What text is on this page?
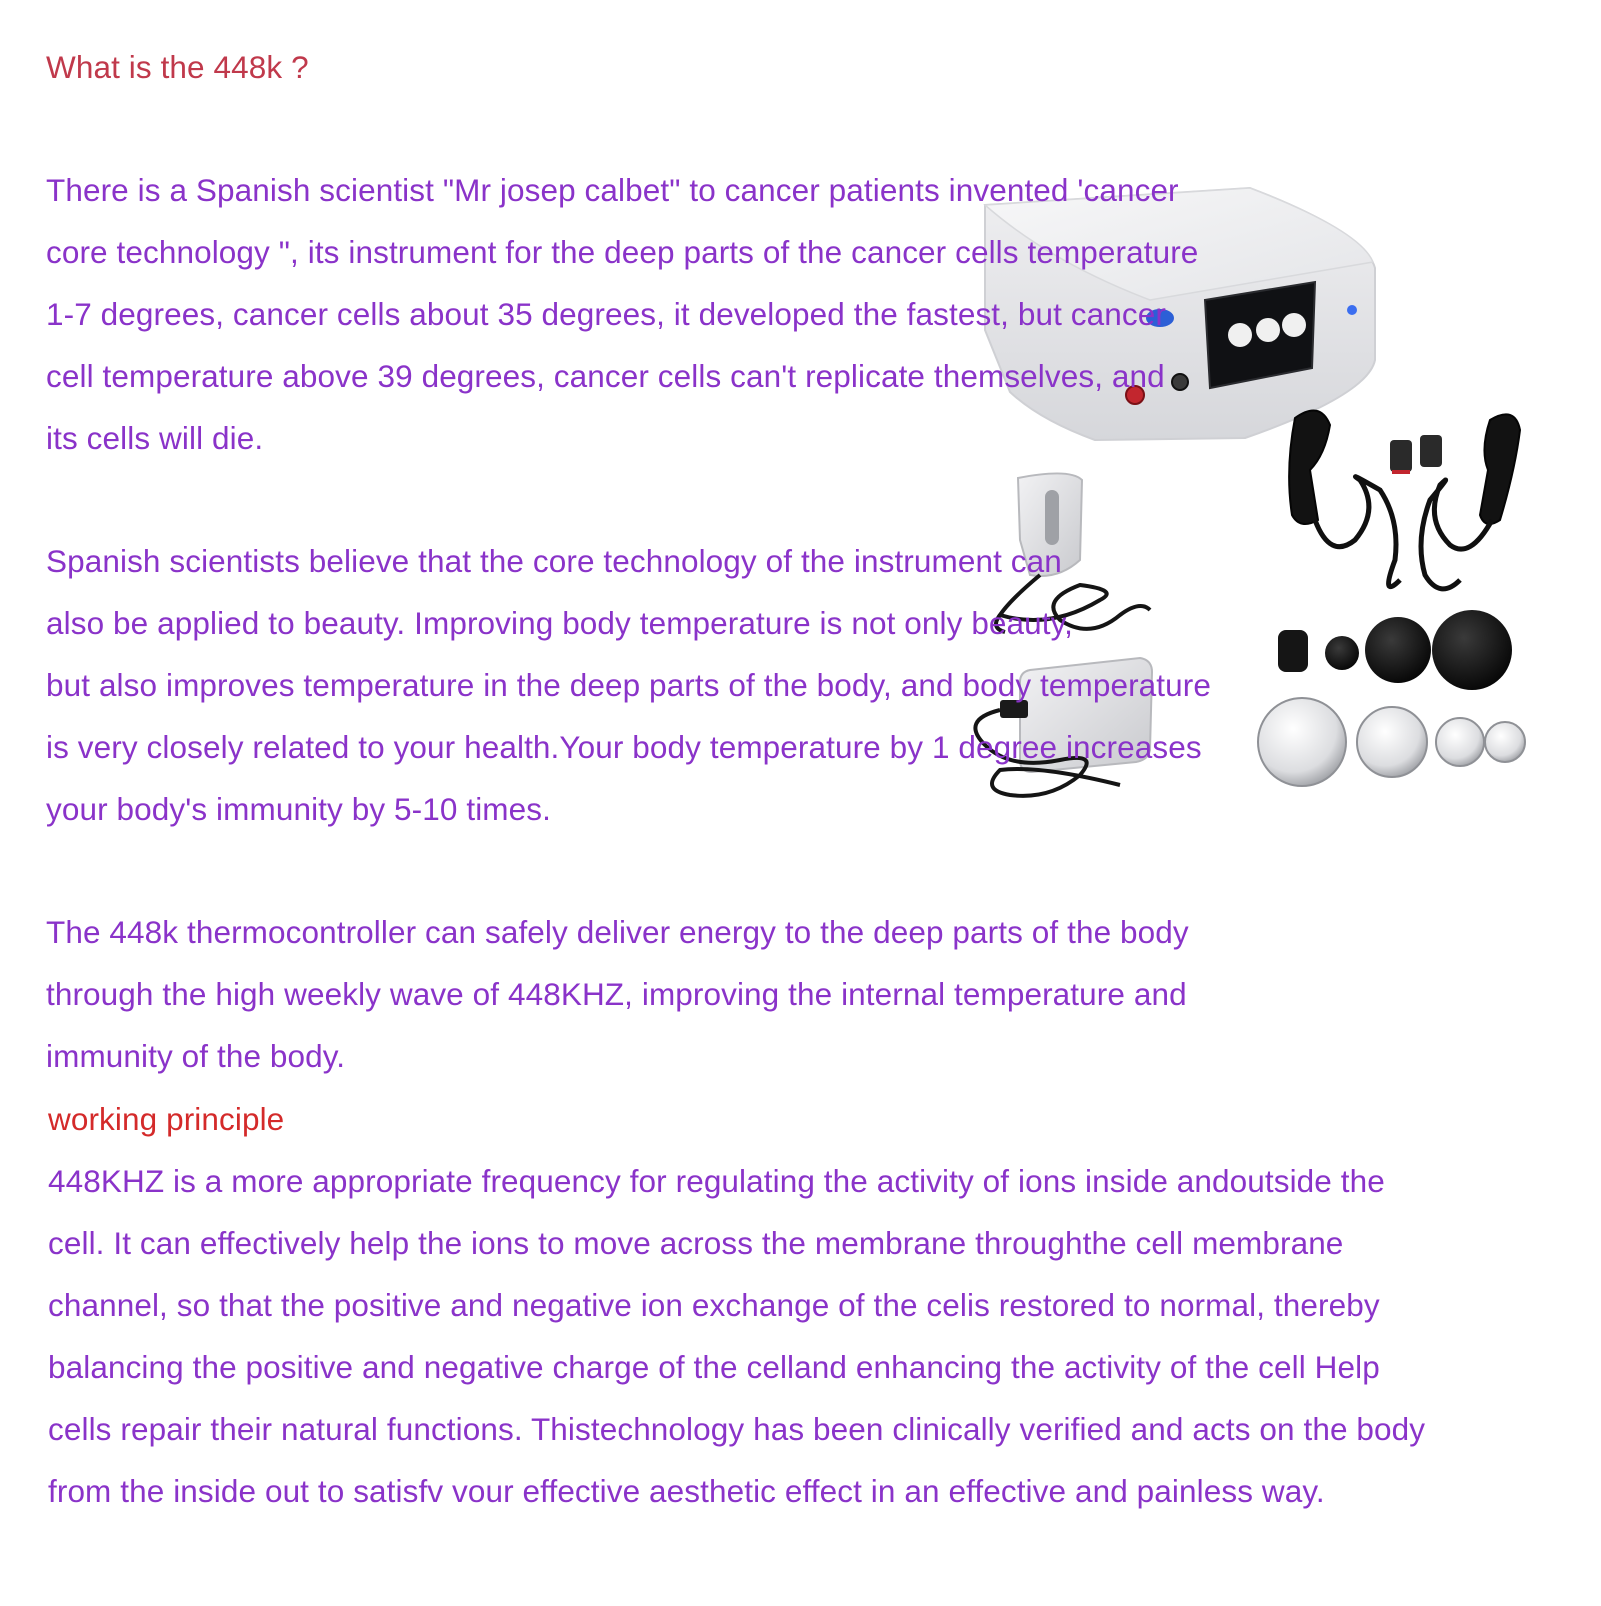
What is the 448k ?
There is a Spanish scientist "Mr josep calbet" to cancer patients invented 'cancer
core technology ", its instrument for the deep parts of the cancer cells temperature
1-7 degrees, cancer cells about 35 degrees, it developed the fastest, but cancer
cell temperature above 39 degrees, cancer cells can't replicate themselves, and
its cells will die.
Spanish scientists believe that the core technology of the instrument can
also be applied to beauty. Improving body temperature is not only beauty,
but also improves temperature in the deep parts of the body, and body temperature
is very closely related to your health.Your body temperature by 1 degree increases
your body's immunity by 5-10 times.
The 448k thermocontroller can safely deliver energy to the deep parts of the body
through the high weekly wave of 448KHZ, improving the internal temperature and
immunity of the body.
working principle
448KHZ is a more appropriate frequency for regulating the activity of ions inside andoutside the
cell. It can effectively help the ions to move across the membrane throughthe cell membrane
channel, so that the positive and negative ion exchange of the celis restored to normal, thereby
balancing the positive and negative charge of the celland enhancing the activity of the cell Help
cells repair their natural functions. Thistechnology has been clinically verified and acts on the body
from the inside out to satisfv vour effective aesthetic effect in an effective and painless way.
